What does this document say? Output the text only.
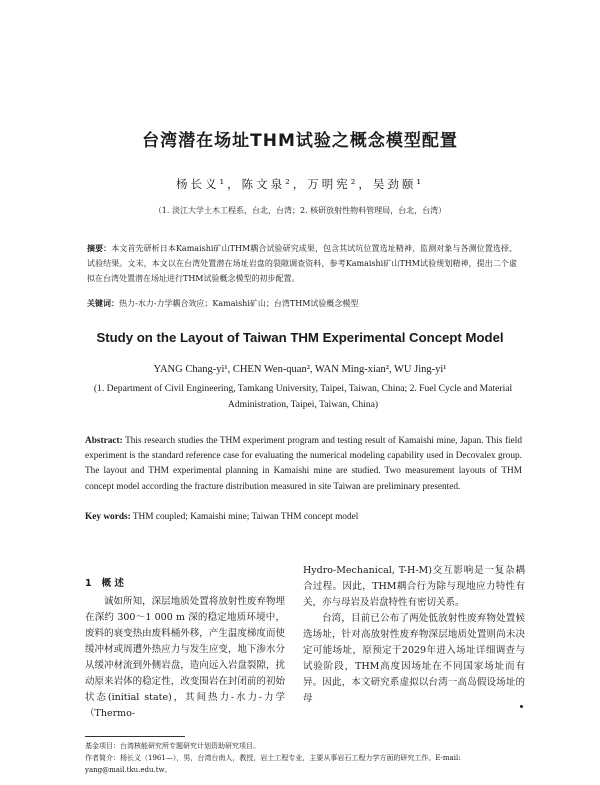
台湾潜在场址THM试验之概念模型配置
杨长义¹，陈文泉²，万明宪²，吴劲颐¹
（1. 淡江大学土木工程系，台北，台湾；2. 核研放射性物料管理局，台北，台湾）
摘要：本文首先研析日本Kamaishi矿山THM耦合试验研究成果，包含其试坑位置选址精神、监测对象与各测位置选择、试验结果。文末，本文以在台湾处置潜在场址岩盘的裂隙调查资料，参考Kamaishi矿山THM试验规划精神，提出二个虚拟在台湾处置潜在场址进行THM试验概念模型的初步配置。
关键词：热力-水力-力学耦合效应；Kamaishi矿山；台湾THM试验概念模型
Study on the Layout of Taiwan THM Experimental Concept Model
YANG Chang-yi¹, CHEN Wen-quan², WAN Ming-xian², WU Jing-yi¹
(1. Department of Civil Engineering, Tamkang University, Taipei, Taiwan, China; 2. Fuel Cycle and Material Administration, Taipei, Taiwan, China)
Abstract: This research studies the THM experiment program and testing result of Kamaishi mine, Japan. This field experiment is the standard reference case for evaluating the numerical modeling capability used in Decovalex group. The layout and THM experimental planning in Kamaishi mine are studied. Two measurement layouts of THM concept model according the fracture distribution measured in site Taiwan are preliminary presented.
Key words: THM coupled; Kamaishi mine; Taiwan THM concept model
1 概 述

诚如所知，深层地质处置将放射性废弃物埋在深约 300～1 000 m 深的稳定地质环境中，废料的衰变热由废料桶外移，产生温度梯度而使缓冲材或周遭外热应力与发生应变，地下渗水分从缓冲材流到外侧岩盘，造向远入岩盘裂隙，扰动原来岩体的稳定性，改变围岩在封闭前的初始状态(initial state)，其间热力-水力-力学（Thermo-

Hydro-Mechanical, T-H-M)交互影响是一复杂耦合过程。因此，THM耦合行为除与现地应力特性有关，亦与母岩及岩盘特性有密切关系。

台湾，目前已公布了两处低放射性废弃物处置候选场址，针对高放射性废弃物深层地质处置则尚未决定可能场址，原预定于2029年进入场址详细调查与试验阶段，THM高度因场址在不同国家场址而有异。因此，本文研究系虚拟以台湾一高岛假设场址的母

基金项目：台湾核能研究所专题研究计划资助研究项目。
作者简介：杨长义（1961—），男，台湾台南人，教授，岩土工程专业，主要从事岩石工程力学方面的研究工作。E-mail:
yang@mail.tku.edu.tw。
